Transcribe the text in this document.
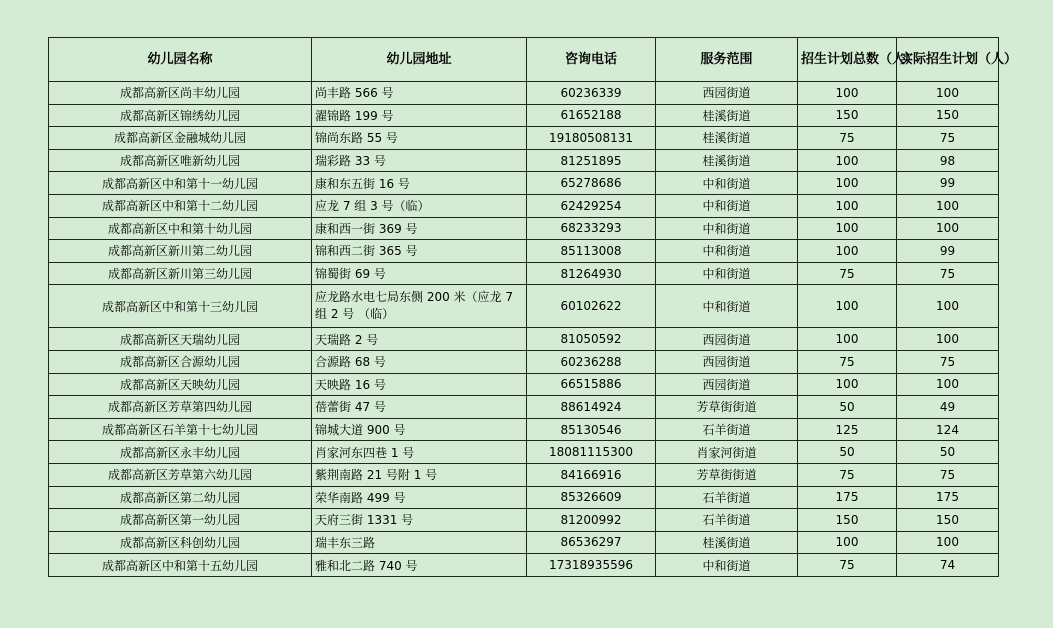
幼儿园名称	幼儿园地址	咨询电话	服务范围	招生计划总数（人）	实际招生计划（人）
成都高新区尚丰幼儿园	尚丰路 566 号	60236339	西园街道	100	100
成都高新区锦绣幼儿园	濯锦路 199 号	61652188	桂溪街道	150	150
成都高新区金融城幼儿园	锦尚东路 55 号	19180508131	桂溪街道	75	75
成都高新区唯新幼儿园	瑞彩路 33 号	81251895	桂溪街道	100	98
成都高新区中和第十一幼儿园	康和东五街 16 号	65278686	中和街道	100	99
成都高新区中和第十二幼儿园	应龙 7 组 3 号（临）	62429254	中和街道	100	100
成都高新区中和第十幼儿园	康和西一街 369 号	68233293	中和街道	100	100
成都高新区新川第二幼儿园	锦和西二街 365 号	85113008	中和街道	100	99
成都高新区新川第三幼儿园	锦蜀街 69 号	81264930	中和街道	75	75
成都高新区中和第十三幼儿园	应龙路水电七局东侧 200 米（应龙 7 组 2 号 （临）	60102622	中和街道	100	100
成都高新区天瑞幼儿园	天瑞路 2 号	81050592	西园街道	100	100
成都高新区合源幼儿园	合源路 68 号	60236288	西园街道	75	75
成都高新区天映幼儿园	天映路 16 号	66515886	西园街道	100	100
成都高新区芳草第四幼儿园	蓓蕾街 47 号	88614924	芳草街街道	50	49
成都高新区石羊第十七幼儿园	锦城大道 900 号	85130546	石羊街道	125	124
成都高新区永丰幼儿园	肖家河东四巷 1 号	18081115300	肖家河街道	50	50
成都高新区芳草第六幼儿园	紫荆南路 21 号附 1 号	84166916	芳草街街道	75	75
成都高新区第二幼儿园	荣华南路 499 号	85326609	石羊街道	175	175
成都高新区第一幼儿园	天府三街 1331 号	81200992	石羊街道	150	150
成都高新区科创幼儿园	瑞丰东三路	86536297	桂溪街道	100	100
成都高新区中和第十五幼儿园	雅和北二路 740 号	17318935596	中和街道	75	74
